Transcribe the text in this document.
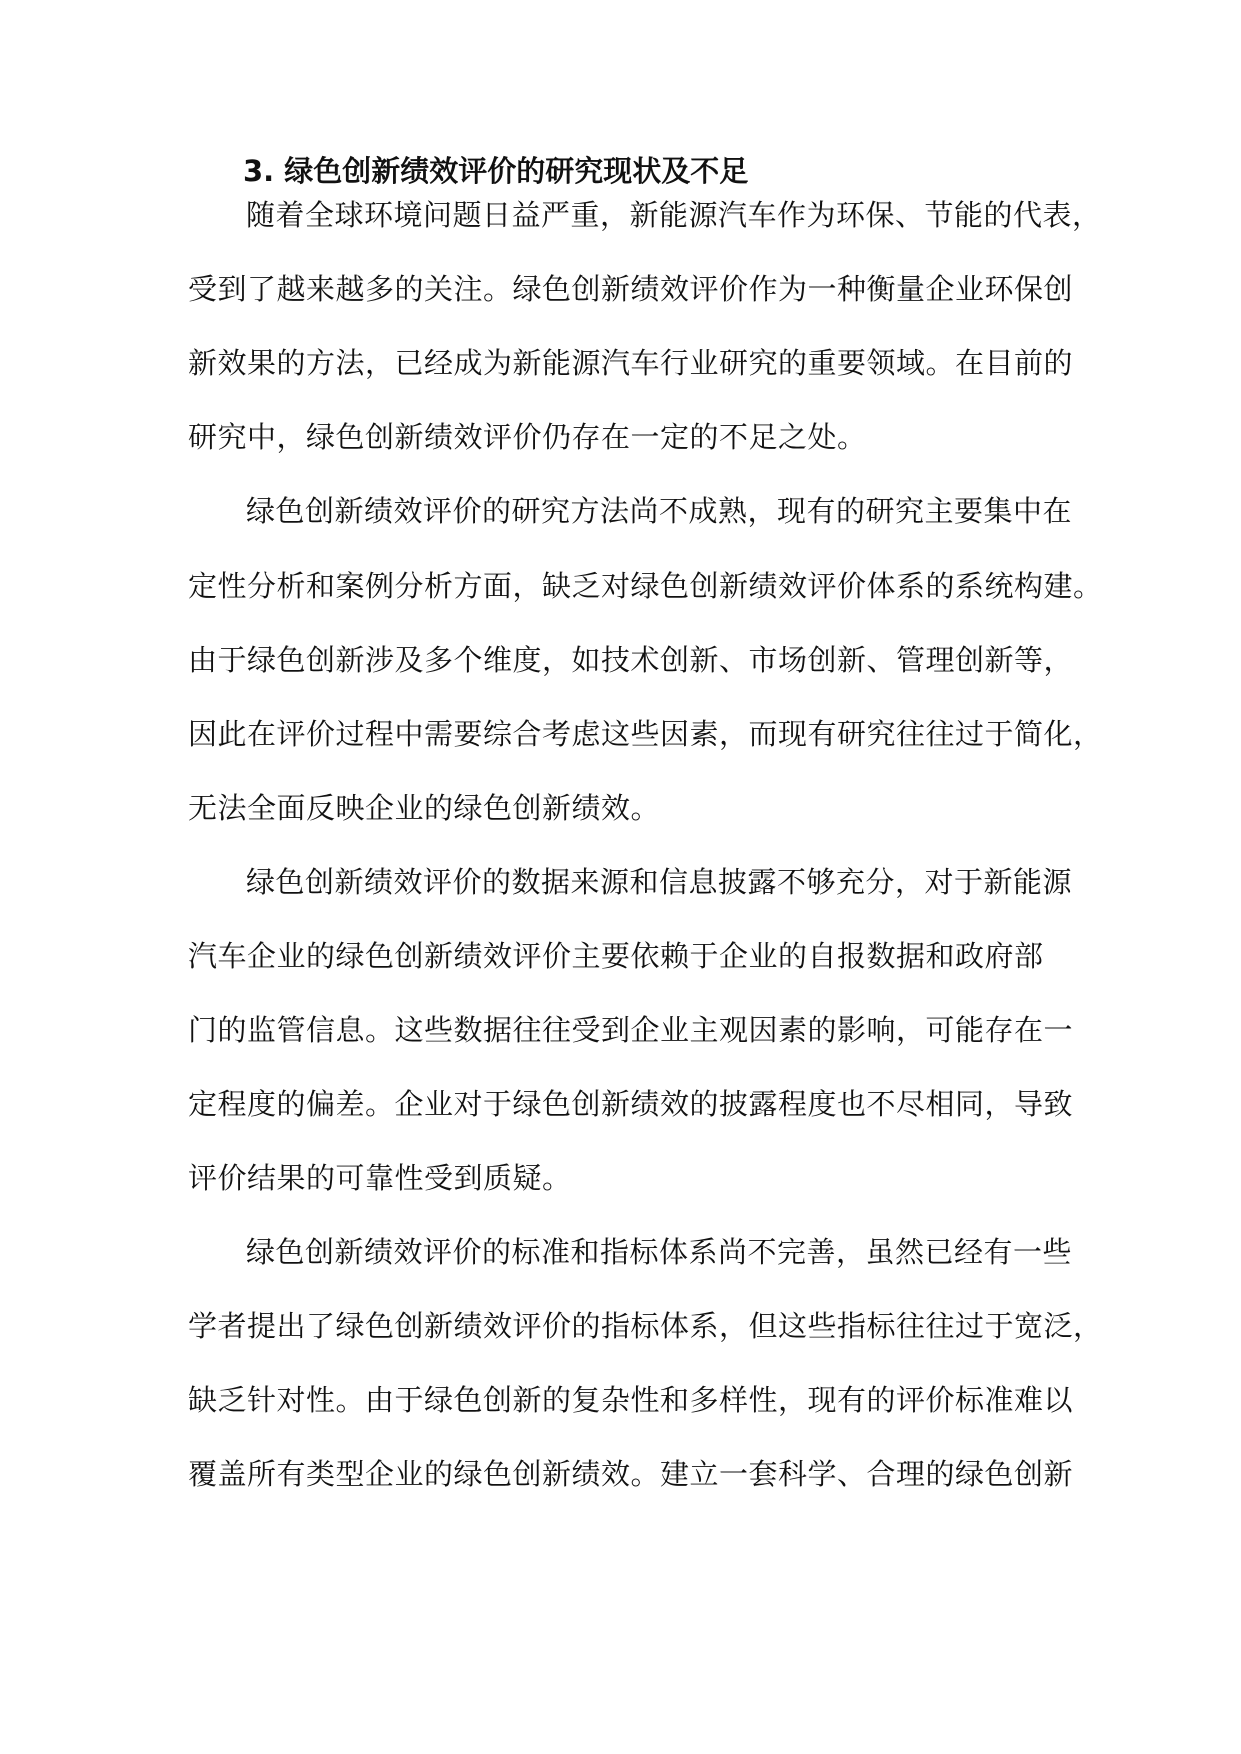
3. 绿色创新绩效评价的研究现状及不足
随着全球环境问题日益严重，新能源汽车作为环保、节能的代表，
受到了越来越多的关注。绿色创新绩效评价作为一种衡量企业环保创
新效果的方法，已经成为新能源汽车行业研究的重要领域。在目前的
研究中，绿色创新绩效评价仍存在一定的不足之处。
绿色创新绩效评价的研究方法尚不成熟，现有的研究主要集中在
定性分析和案例分析方面，缺乏对绿色创新绩效评价体系的系统构建。
由于绿色创新涉及多个维度，如技术创新、市场创新、管理创新等，
因此在评价过程中需要综合考虑这些因素，而现有研究往往过于简化，
无法全面反映企业的绿色创新绩效。
绿色创新绩效评价的数据来源和信息披露不够充分，对于新能源
汽车企业的绿色创新绩效评价主要依赖于企业的自报数据和政府部
门的监管信息。这些数据往往受到企业主观因素的影响，可能存在一
定程度的偏差。企业对于绿色创新绩效的披露程度也不尽相同，导致
评价结果的可靠性受到质疑。
绿色创新绩效评价的标准和指标体系尚不完善，虽然已经有一些
学者提出了绿色创新绩效评价的指标体系，但这些指标往往过于宽泛，
缺乏针对性。由于绿色创新的复杂性和多样性，现有的评价标准难以
覆盖所有类型企业的绿色创新绩效。建立一套科学、合理的绿色创新
